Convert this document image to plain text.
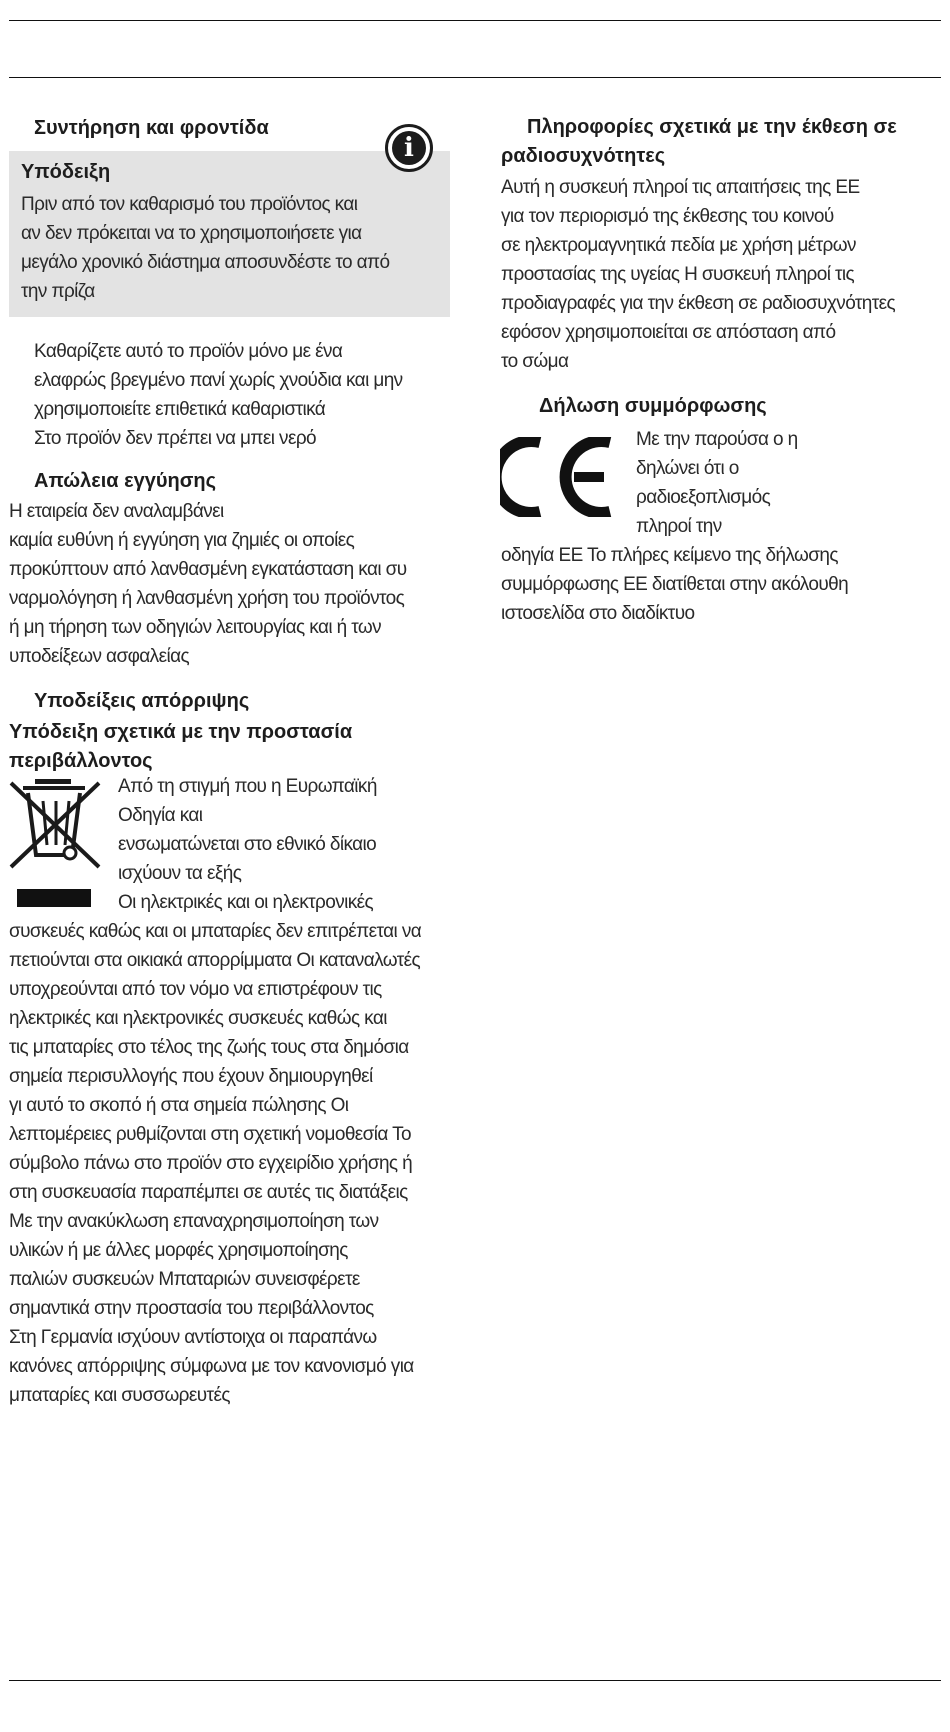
Συντήρηση και φροντίδα
Υπόδειξη

Πριν από τον καθαρισμό του προϊόντος και
αν δεν πρόκειται να το χρησιμοποιήσετε για
μεγάλο χρονικό διάστημα αποσυνδέστε το από
την πρίζα

i

Καθαρίζετε αυτό το προϊόν μόνο με ένα
ελαφρώς βρεγμένο πανί χωρίς χνούδια και μην
χρησιμοποιείτε επιθετικά καθαριστικά
Στο προϊόν δεν πρέπει να μπει νερό

Απώλεια εγγύησης

Η εταιρεία δεν αναλαμβάνει
καμία ευθύνη ή εγγύηση για ζημιές οι οποίες
προκύπτουν από λανθασμένη εγκατάσταση και συ
ναρμολόγηση ή λανθασμένη χρήση του προϊόντος
ή μη τήρηση των οδηγιών λειτουργίας και ή των
υποδείξεων ασφαλείας

Υποδείξεις απόρριψης
Υπόδειξη σχετικά με την προστασία
περιβάλλοντος

Από τη στιγμή που η Ευρωπαϊκή
Οδηγία και
ενσωματώνεται στο εθνικό δίκαιο
ισχύουν τα εξής
Οι ηλεκτρικές και οι ηλεκτρονικές

συσκευές καθώς και οι μπαταρίες δεν επιτρέπεται να
πετιούνται στα οικιακά απορρίμματα Οι καταναλωτές
υποχρεούνται από τον νόμο να επιστρέφουν τις
ηλεκτρικές και ηλεκτρονικές συσκευές καθώς και
τις μπαταρίες στο τέλος της ζωής τους στα δημόσια
σημεία περισυλλογής που έχουν δημιουργηθεί
γι αυτό το σκοπό ή στα σημεία πώλησης Οι
λεπτομέρειες ρυθμίζονται στη σχετική νομοθεσία Το
σύμβολο πάνω στο προϊόν στο εγχειρίδιο χρήσης ή
στη συσκευασία παραπέμπει σε αυτές τις διατάξεις
Με την ανακύκλωση επαναχρησιμοποίηση των
υλικών ή με άλλες μορφές χρησιμοποίησης
παλιών συσκευών Μπαταριών συνεισφέρετε
σημαντικά στην προστασία του περιβάλλοντος
Στη Γερμανία ισχύουν αντίστοιχα οι παραπάνω
κανόνες απόρριψης σύμφωνα με τον κανονισμό για
μπαταρίες και συσσωρευτές

Πληροφορίες σχετικά με την έκθεση σε
ραδιοσυχνότητες

Αυτή η συσκευή πληροί τις απαιτήσεις της ΕΕ
για τον περιορισμό της έκθεσης του κοινού
σε ηλεκτρομαγνητικά πεδία με χρήση μέτρων
προστασίας της υγείας Η συσκευή πληροί τις
προδιαγραφές για την έκθεση σε ραδιοσυχνότητες
εφόσον χρησιμοποιείται σε απόσταση από
το σώμα

Δήλωση συμμόρφωσης

Με την παρούσα ο η
δηλώνει ότι ο
ραδιοεξοπλισμός
πληροί την

οδηγία ΕΕ Το πλήρες κείμενο της δήλωσης
συμμόρφωσης ΕΕ διατίθεται στην ακόλουθη
ιστοσελίδα στο διαδίκτυο
